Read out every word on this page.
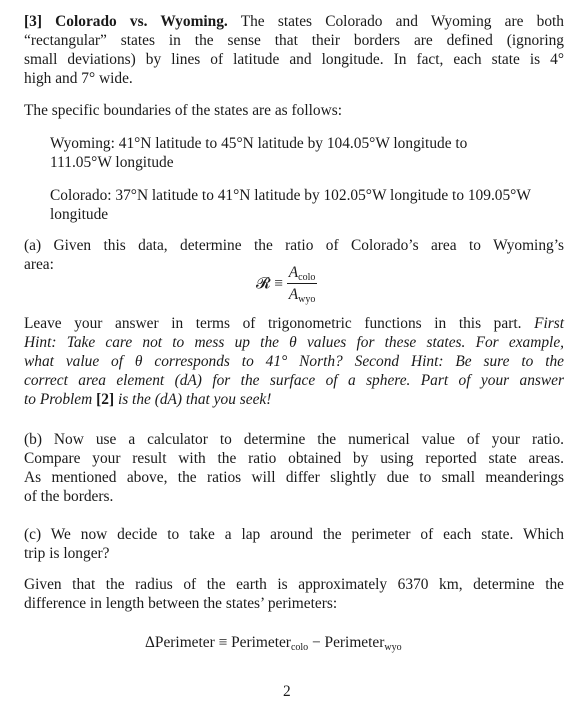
[3] Colorado vs. Wyoming. The states Colorado and Wyoming are both
“rectangular” states in the sense that their borders are defined (ignoring
small deviations) by lines of latitude and longitude. In fact, each state is 4°
high and 7° wide.
The specific boundaries of the states are as follows:
Wyoming: 41°N latitude to 45°N latitude by 104.05°W longitude to
111.05°W longitude
Colorado: 37°N latitude to 41°N latitude by 102.05°W longitude to 109.05°W
longitude
(a) Given this data, determine the ratio of Colorado’s area to Wyoming’s
area:
𝓡 ≡ $\frac{A_{colo}}{A_{wyo}}$
Leave your answer in terms of trigonometric functions in this part. First
Hint: Take care not to mess up the θ values for these states. For example,
what value of θ corresponds to 41° North? Second Hint: Be sure to the
correct area element (dA) for the surface of a sphere. Part of your answer
to Problem [2] is the (dA) that you seek!
(b) Now use a calculator to determine the numerical value of your ratio.
Compare your result with the ratio obtained by using reported state areas.
As mentioned above, the ratios will differ slightly due to small meanderings
of the borders.
(c) We now decide to take a lap around the perimeter of each state. Which
trip is longer?
Given that the radius of the earth is approximately 6370 km, determine the
difference in length between the states’ perimeters:
ΔPerimeter ≡ Perimeter$_{colo}$ − Perimeter$_{wyo}$
2
